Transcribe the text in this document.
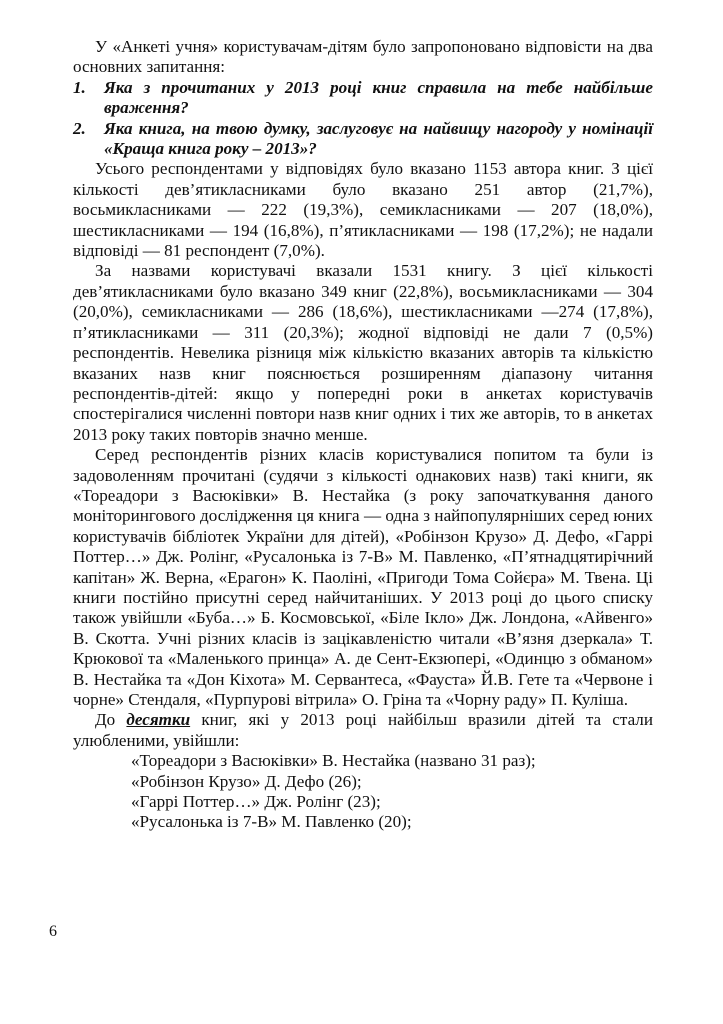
У «Анкеті учня» користувачам-дітям було запропоновано відповісти на два основних запитання:

1.	Яка з прочитаних у 2013 році книг справила на тебе найбільше враження?
2.	Яка книга, на твою думку, заслуговує на найвищу нагороду у номінації «Краща книга року – 2013»?

Усього респондентами у відповідях було вказано 1153 автора книг. З цієї кількості дев’ятикласниками було вказано 251 автор (21,7%), восьмикласниками — 222 (19,3%), семикласниками — 207 (18,0%), шестикласниками — 194 (16,8%), п’ятикласниками — 198 (17,2%); не надали відповіді — 81 респондент (7,0%).

За назвами користувачі вказали 1531 книгу. З цієї кількості дев’ятикласниками було вказано 349 книг (22,8%), восьмикласниками — 304 (20,0%), семикласниками — 286 (18,6%), шестикласниками —274 (17,8%), п’ятикласниками — 311 (20,3%); жодної відповіді не дали 7 (0,5%) респондентів. Невелика різниця між кількістю вказаних авторів та кількістю вказаних назв книг пояснюється розширенням діапазону читання респондентів-дітей: якщо у попередні роки в анкетах користувачів спостерігалися численні повтори назв книг одних і тих же авторів, то в анкетах 2013 року таких повторів значно менше.

Серед респондентів різних класів користувалися попитом та були із задоволенням прочитані (судячи з кількості однакових назв) такі книги, як «Тореадори з Васюківки» В. Нестайка (з року започаткування даного моніторингового дослідження ця книга — одна з найпопулярніших серед юних користувачів бібліотек України для дітей), «Робінзон Крузо» Д. Дефо, «Гаррі Поттер…» Дж. Ролінг, «Русалонька із 7-В» М. Павленко, «П’ятнадцятирічний капітан» Ж. Верна, «Ерагон» К. Паоліні, «Пригоди Тома Сойєра» М. Твена. Ці книги постійно присутні серед найчитаніших. У 2013 році до цього списку також увійшли «Буба…» Б. Космовської, «Біле Ікло» Дж. Лондона, «Айвенго» В. Скотта. Учні різних класів із зацікавленістю читали «В’язня дзеркала» Т. Крюкової та «Маленького принца» А. де Сент-Екзюпері, «Одинцю з обманом» В. Нестайка та «Дон Кіхота» М. Сервантеса, «Фауста» Й.В. Гете та «Червоне і чорне» Стендаля, «Пурпурові вітрила» О. Гріна та «Чорну раду» П. Куліша.

До десятки книг, які у 2013 році найбільш вразили дітей та стали улюбленими, увійшли:

«Тореадори з Васюківки» В. Нестайка (названо 31 раз);
«Робінзон Крузо» Д. Дефо (26);
«Гаррі Поттер…» Дж. Ролінг (23);
«Русалонька із 7-В» М. Павленко (20);
6
